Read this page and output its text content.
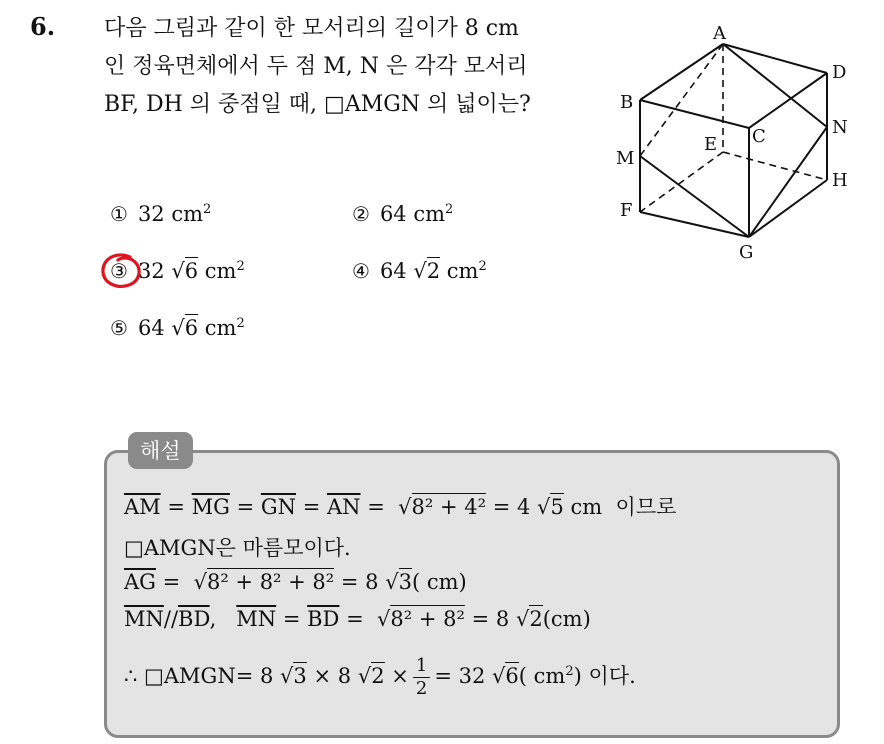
6. 다음 그림과 같이 한 모서리의 길이가 8 cm
인 정육면체에서 두 점 M, N 은 각각 모서리
BF, DH 의 중점일 때, □AMGN 의 넓이는?
A
B
C
D
E
F
G
H
M
N
① 32 $cm^2$	② 64 $cm^2$
③ 32 √6 $cm^2$	④ 64 √2 $cm^2$
⑤ 64 √6 $cm^2$
해설
$\overline{AM} = \overline{MG} = \overline{GN} = \overline{AN} = √8^2 + 4^2 = 4$ √5 cm 이므로
□AMGN은 마름모이다.
$\overline{AG} = √8^2 + 8^2 + 8^2 = 8$ √3( cm)
$\overline{MN}//\overline{BD}$,   $\overline{MN} = \overline{BD} = √8^2 + 8^2 = 8$ √2(cm)
∴ □AMGN= 8 √3 × 8 $√2 \times \frac{1}{2} = 32$ √6( $cm^2$) 이다.
